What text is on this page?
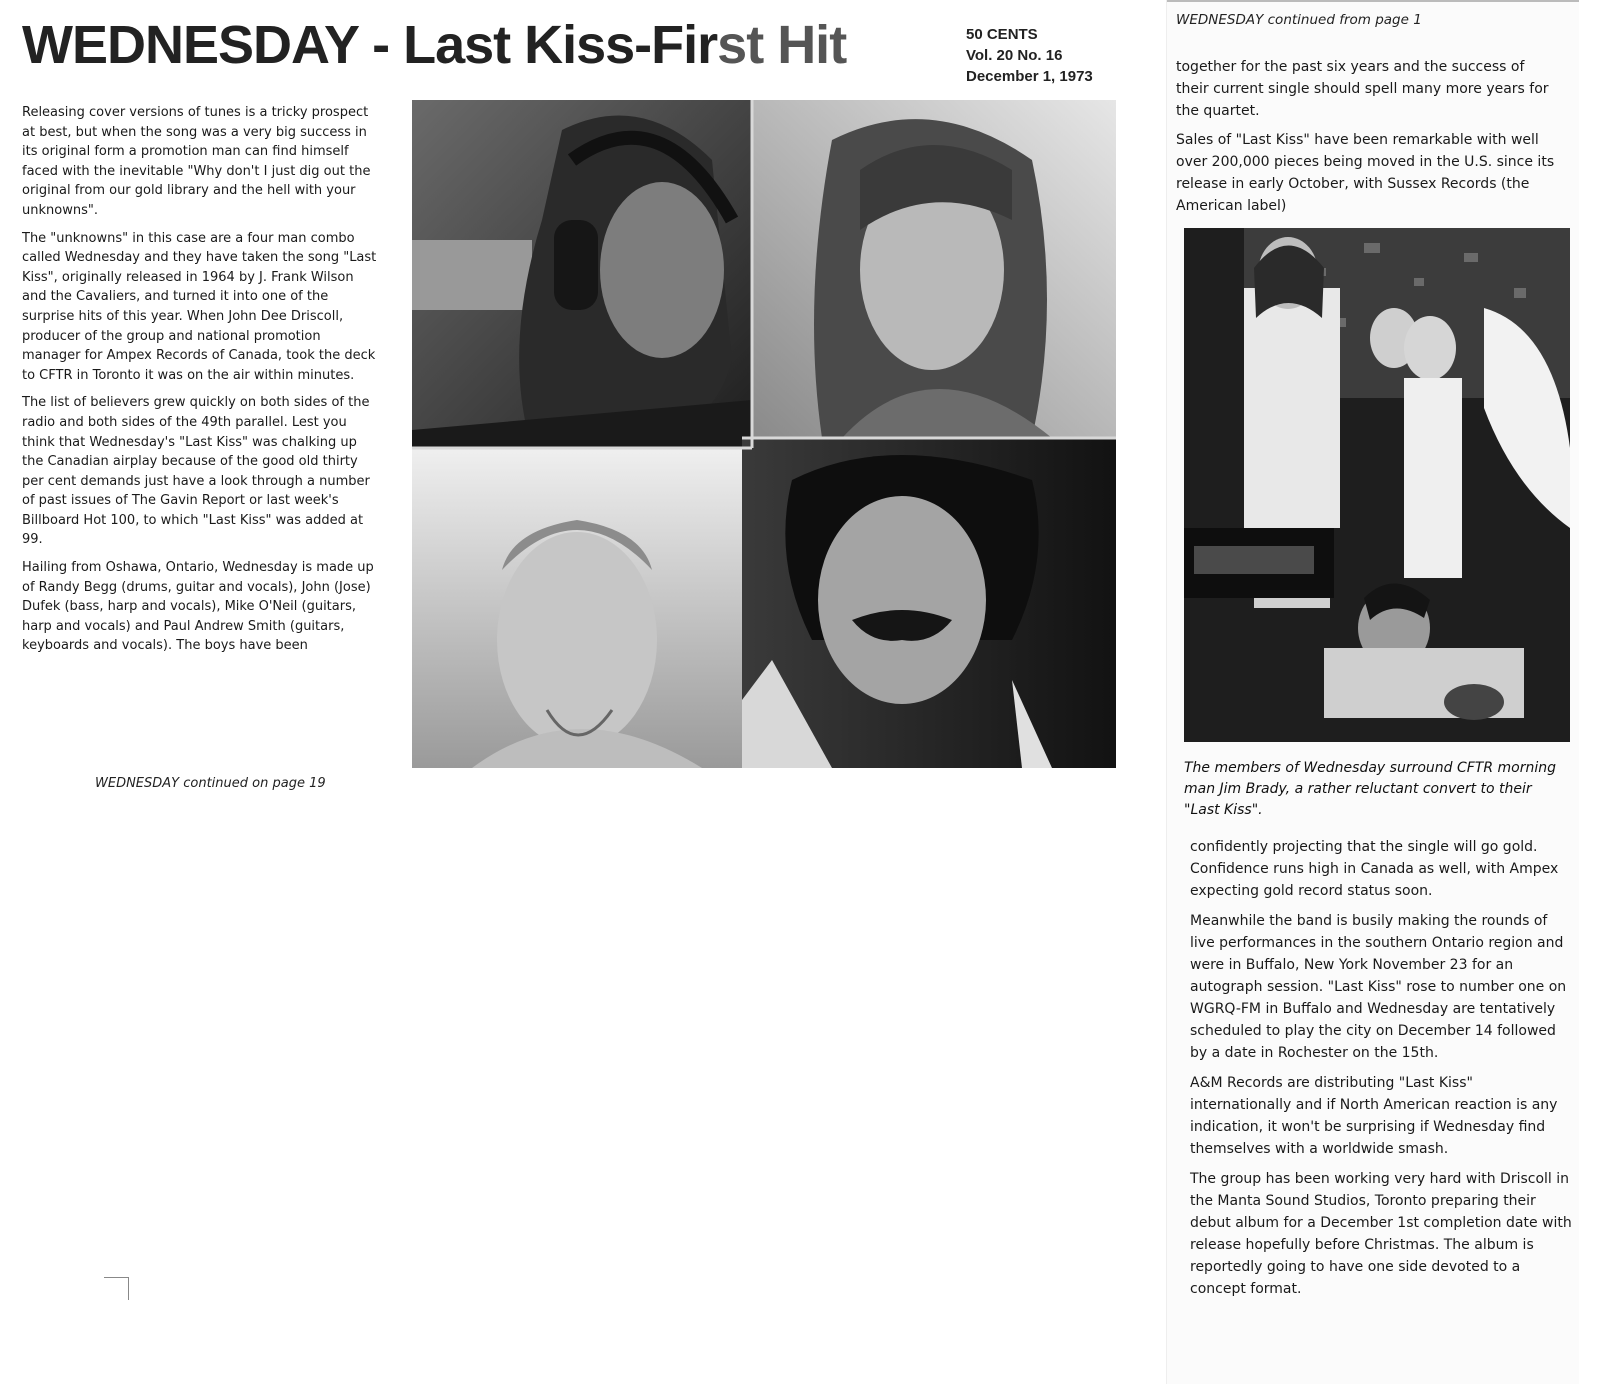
WEDNESDAY - Last Kiss-First Hit	50 CENTS
Vol. 20 No. 16
December 1, 1973

Releasing cover versions of tunes is a tricky prospect at best, but when the song was a very big success in its original form a promotion man can find himself faced with the inevitable "Why don't I just dig out the original from our gold library and the hell with your unknowns".

The "unknowns" in this case are a four man combo called Wednesday and they have taken the song "Last Kiss", originally released in 1964 by J. Frank Wilson and the Cavaliers, and turned it into one of the surprise hits of this year. When John Dee Driscoll, producer of the group and national promotion manager for Ampex Records of Canada, took the deck to CFTR in Toronto it was on the air within minutes.

The list of believers grew quickly on both sides of the radio and both sides of the 49th parallel. Lest you think that Wednesday's "Last Kiss" was chalking up the Canadian airplay because of the good old thirty per cent demands just have a look through a number of past issues of The Gavin Report or last week's Billboard Hot 100, to which "Last Kiss" was added at 99.

Hailing from Oshawa, Ontario, Wednesday is made up of Randy Begg (drums, guitar and vocals), John (Jose) Dufek (bass, harp and vocals), Mike O'Neil (guitars, harp and vocals) and Paul Andrew Smith (guitars, keyboards and vocals). The boys have been

WEDNESDAY continued on page 19
WEDNESDAY continued from page 1

together for the past six years and the success of their current single should spell many more years for the quartet.

Sales of "Last Kiss" have been remarkable with well over 200,000 pieces being moved in the U.S. since its release in early October, with Sussex Records (the American label)

The members of Wednesday surround CFTR morning man Jim Brady, a rather reluctant convert to their "Last Kiss".

confidently projecting that the single will go gold. Confidence runs high in Canada as well, with Ampex expecting gold record status soon.

Meanwhile the band is busily making the rounds of live performances in the southern Ontario region and were in Buffalo, New York November 23 for an autograph session. "Last Kiss" rose to number one on WGRQ-FM in Buffalo and Wednesday are tentatively scheduled to play the city on December 14 followed by a date in Rochester on the 15th.

A&M Records are distributing "Last Kiss" internationally and if North American reaction is any indication, it won't be surprising if Wednesday find themselves with a worldwide smash.

The group has been working very hard with Driscoll in the Manta Sound Studios, Toronto preparing their debut album for a December 1st completion date with release hopefully before Christmas. The album is reportedly going to have one side devoted to a concept format.
